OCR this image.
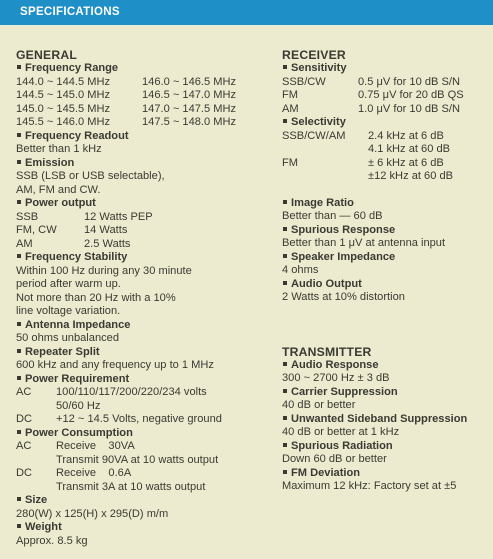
SPECIFICATIONS
GENERAL
Frequency Range
144.0 ~ 144.5 MHz	146.0 ~ 146.5 MHz
144.5 ~ 145.0 MHz	146.5 ~ 147.0 MHz
145.0 ~ 145.5 MHz	147.0 ~ 147.5 MHz
145.5 ~ 146.0 MHz	147.5 ~ 148.0 MHz
Frequency Readout
Better than 1 kHz
Emission
SSB (LSB or USB selectable),
AM, FM and CW.
Power output
SSB	12 Watts PEP
FM, CW	14 Watts
AM	2.5 Watts
Frequency Stability
Within 100 Hz during any 30 minute
period after warm up.
Not more than 20 Hz with a 10%
line voltage variation.
Antenna Impedance
50 ohms unbalanced
Repeater Split
600 kHz and any frequency up to 1 MHz
Power Requirement
AC	100/110/117/200/220/234 volts
50/60 Hz
DC	+12 ~ 14.5 Volts, negative ground
Power Consumption
AC	Receive    30VA
Transmit 90VA at 10 watts output
DC	Receive    0.6A
Transmit 3A at 10 watts output
Size
280(W) x 125(H) x 295(D) m/m
Weight
Approx. 8.5 kg
RECEIVER
Sensitivity
SSB/CW	0.5 μV for 10 dB S/N
FM	0.75 μV for 20 dB QS
AM	1.0 μV for 10 dB S/N
Selectivity
SSB/CW/AM	2.4 kHz at 6 dB
4.1 kHz at 60 dB
FM	± 6 kHz at 6 dB
±12 kHz at 60 dB
Image Ratio
Better than — 60 dB
Spurious Response
Better than 1 μV at antenna input
Speaker Impedance
4 ohms
Audio Output
2 Watts at 10% distortion
TRANSMITTER
Audio Response
300 ~ 2700 Hz ± 3 dB
Carrier Suppression
40 dB or better
Unwanted Sideband Suppression
40 dB or better at 1 kHz
Spurious Radiation
Down 60 dB or better
FM Deviation
Maximum 12 kHz: Factory set at ±5
